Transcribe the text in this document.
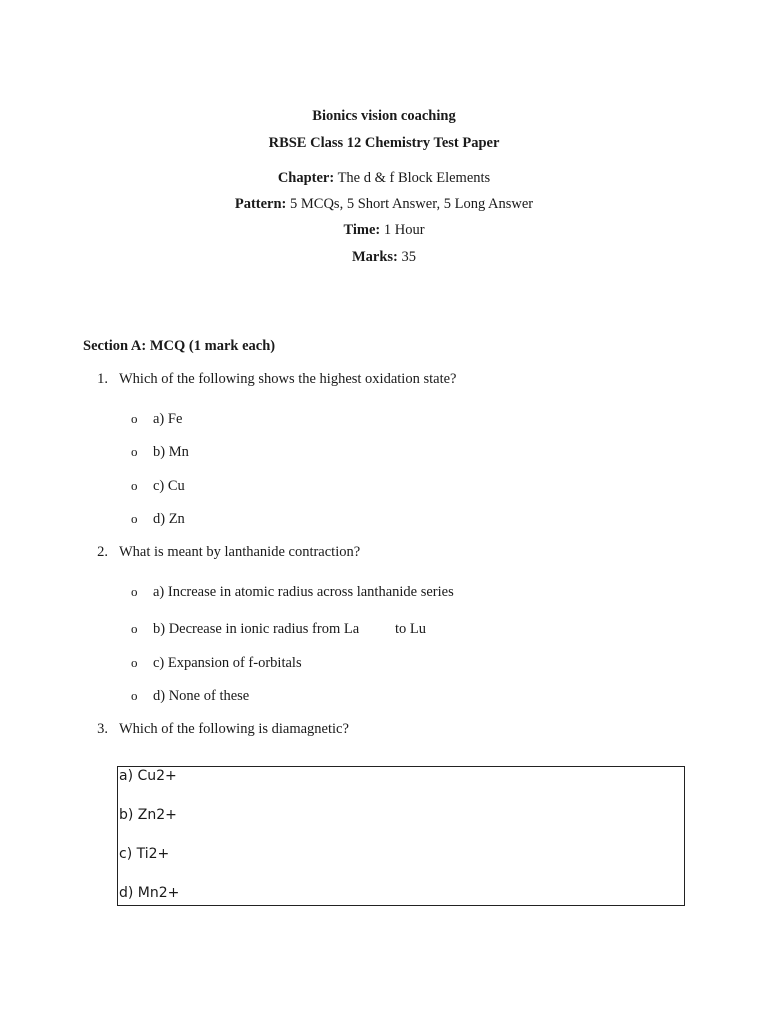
Bionics vision coaching
RBSE Class 12 Chemistry Test Paper
Chapter: The d & f Block Elements
Pattern: 5 MCQs, 5 Short Answer, 5 Long Answer
Time: 1 Hour
Marks: 35
Section A: MCQ (1 mark each)
1. Which of the following shows the highest oxidation state?
o a) Fe
o b) Mn
o c) Cu
o d) Zn
2. What is meant by lanthanide contraction?
o a) Increase in atomic radius across lanthanide series
o b) Decrease in ionic radius from La to Lu
o c) Expansion of f-orbitals
o d) None of these
3. Which of the following is diamagnetic?
a) Cu2+
b) Zn2+
c) Ti2+
d) Mn2+
